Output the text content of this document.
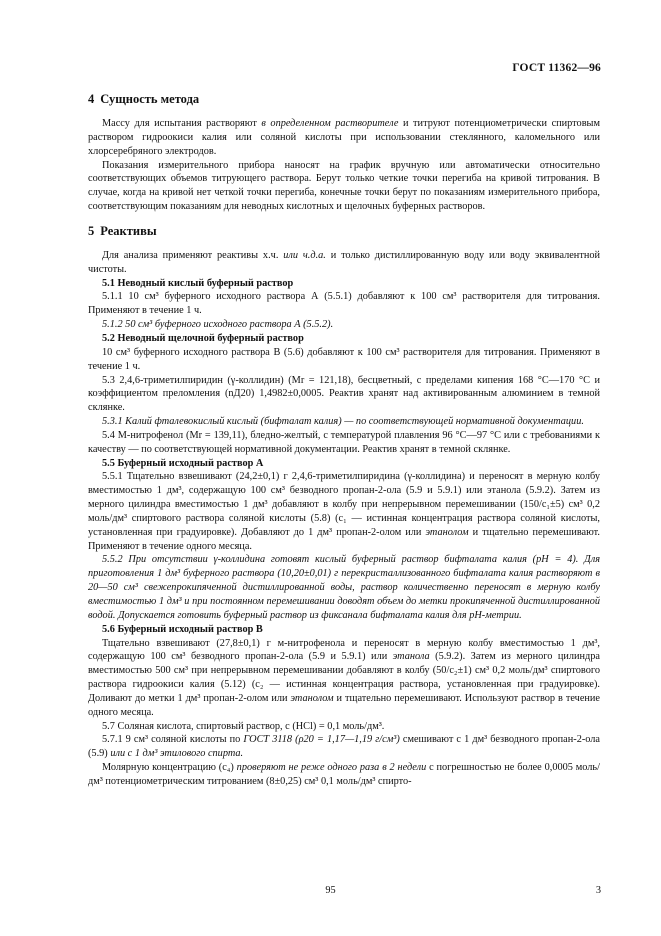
ГОСТ 11362—96
4 Сущность метода

Массу для испытания растворяют в определенном растворителе и титруют потенциометрически спиртовым раствором гидроокиси калия или соляной кислоты при использовании стеклянного, каломельного или хлорсеребряного электродов.

Показания измерительного прибора наносят на график вручную или автоматически относительно соответствующих объемов титрующего раствора. Берут только четкие точки перегиба на кривой титрования. В случае, когда на кривой нет четкой точки перегиба, конечные точки берут по показаниям измерительного прибора, соответствующим показаниям для неводных кислотных и щелочных буферных растворов.

5 Реактивы

Для анализа применяют реактивы х.ч. или ч.д.а. и только дистиллированную воду или воду эквивалентной чистоты.

5.1 Неводный кислый буферный раствор

5.1.1 10 см³ буферного исходного раствора А (5.5.1) добавляют к 100 см³ растворителя для титрования. Применяют в течение 1 ч.

5.1.2 50 см³ буферного исходного раствора А (5.5.2).

5.2 Неводный щелочной буферный раствор

10 см³ буферного исходного раствора В (5.6) добавляют к 100 см³ растворителя для титрования. Применяют в течение 1 ч.

5.3 2,4,6-триметилпиридин (γ-коллидин) (Mr = 121,18), бесцветный, с пределами кипения 168 °С—170 °С и коэффициентом преломления (nД20) 1,4982±0,0005. Реактив хранят над активированным алюминием в темной склянке.

5.3.1 Калий фталевокислый кислый (бифталат калия) — по соответствующей нормативной документации.

5.4 М-нитрофенол (Mr = 139,11), бледно-желтый, с температурой плавления 96 °С—97 °С или с требованиями к качеству — по соответствующей нормативной документации. Реактив хранят в темной склянке.

5.5 Буферный исходный раствор А

5.5.1 Тщательно взвешивают (24,2±0,1) г 2,4,6-триметилпиридина (γ-коллидина) и переносят в мерную колбу вместимостью 1 дм³, содержащую 100 см³ безводного пропан-2-ола (5.9 и 5.9.1) или этанола (5.9.2). Затем из мерного цилиндра вместимостью 1 дм³ добавляют в колбу при непрерывном перемешивании (150/c₁±5) см³ 0,2 моль/дм³ спиртового раствора соляной кислоты (5.8) (c₁ — истинная концентрация раствора соляной кислоты, установленная при градуировке). Добавляют до 1 дм³ пропан-2-олом или этанолом и тщательно перемешивают. Применяют в течение одного месяца.

5.5.2 При отсутствии γ-коллидина готовят кислый буферный раствор бифталата калия (pH = 4). Для приготовления 1 дм³ буферного раствора (10,20±0,01) г перекристаллизованного бифталата калия растворяют в 20—50 см³ свежепрокипяченной дистиллированной воды, раствор количественно переносят в мерную колбу вместимостью 1 дм³ и при постоянном перемешивании доводят объем до метки прокипяченной дистиллированной водой. Допускается готовить буферный раствор из фиксанала бифталата калия для pH-метрии.

5.6 Буферный исходный раствор В

Тщательно взвешивают (27,8±0,1) г м-нитрофенола и переносят в мерную колбу вместимостью 1 дм³, содержащую 100 см³ безводного пропан-2-ола (5.9 и 5.9.1) или этанола (5.9.2). Затем из мерного цилиндра вместимостью 500 см³ при непрерывном перемешивании добавляют в колбу (50/c₂±1) см³ 0,2 моль/дм³ спиртового раствора гидроокиси калия (5.12) (c₂ — истинная концентрация раствора, установленная при градуировке). Доливают до метки 1 дм³ пропан-2-олом или этанолом и тщательно перемешивают. Используют раствор в течение одного месяца.

5.7 Соляная кислота, спиртовый раствор, c (HCl) = 0,1 моль/дм³.

5.7.1 9 см³ соляной кислоты по ГОСТ 3118 (ρ20 = 1,17—1,19 г/см³) смешивают с 1 дм³ безводного пропан-2-ола (5.9) или с 1 дм³ этилового спирта.

Молярную концентрацию (c₄) проверяют не реже одного раза в 2 недели с погрешностью не более 0,0005 моль/дм³ потенциометрическим титрованием (8±0,25) см³ 0,1 моль/дм³ спирто-

95	3
